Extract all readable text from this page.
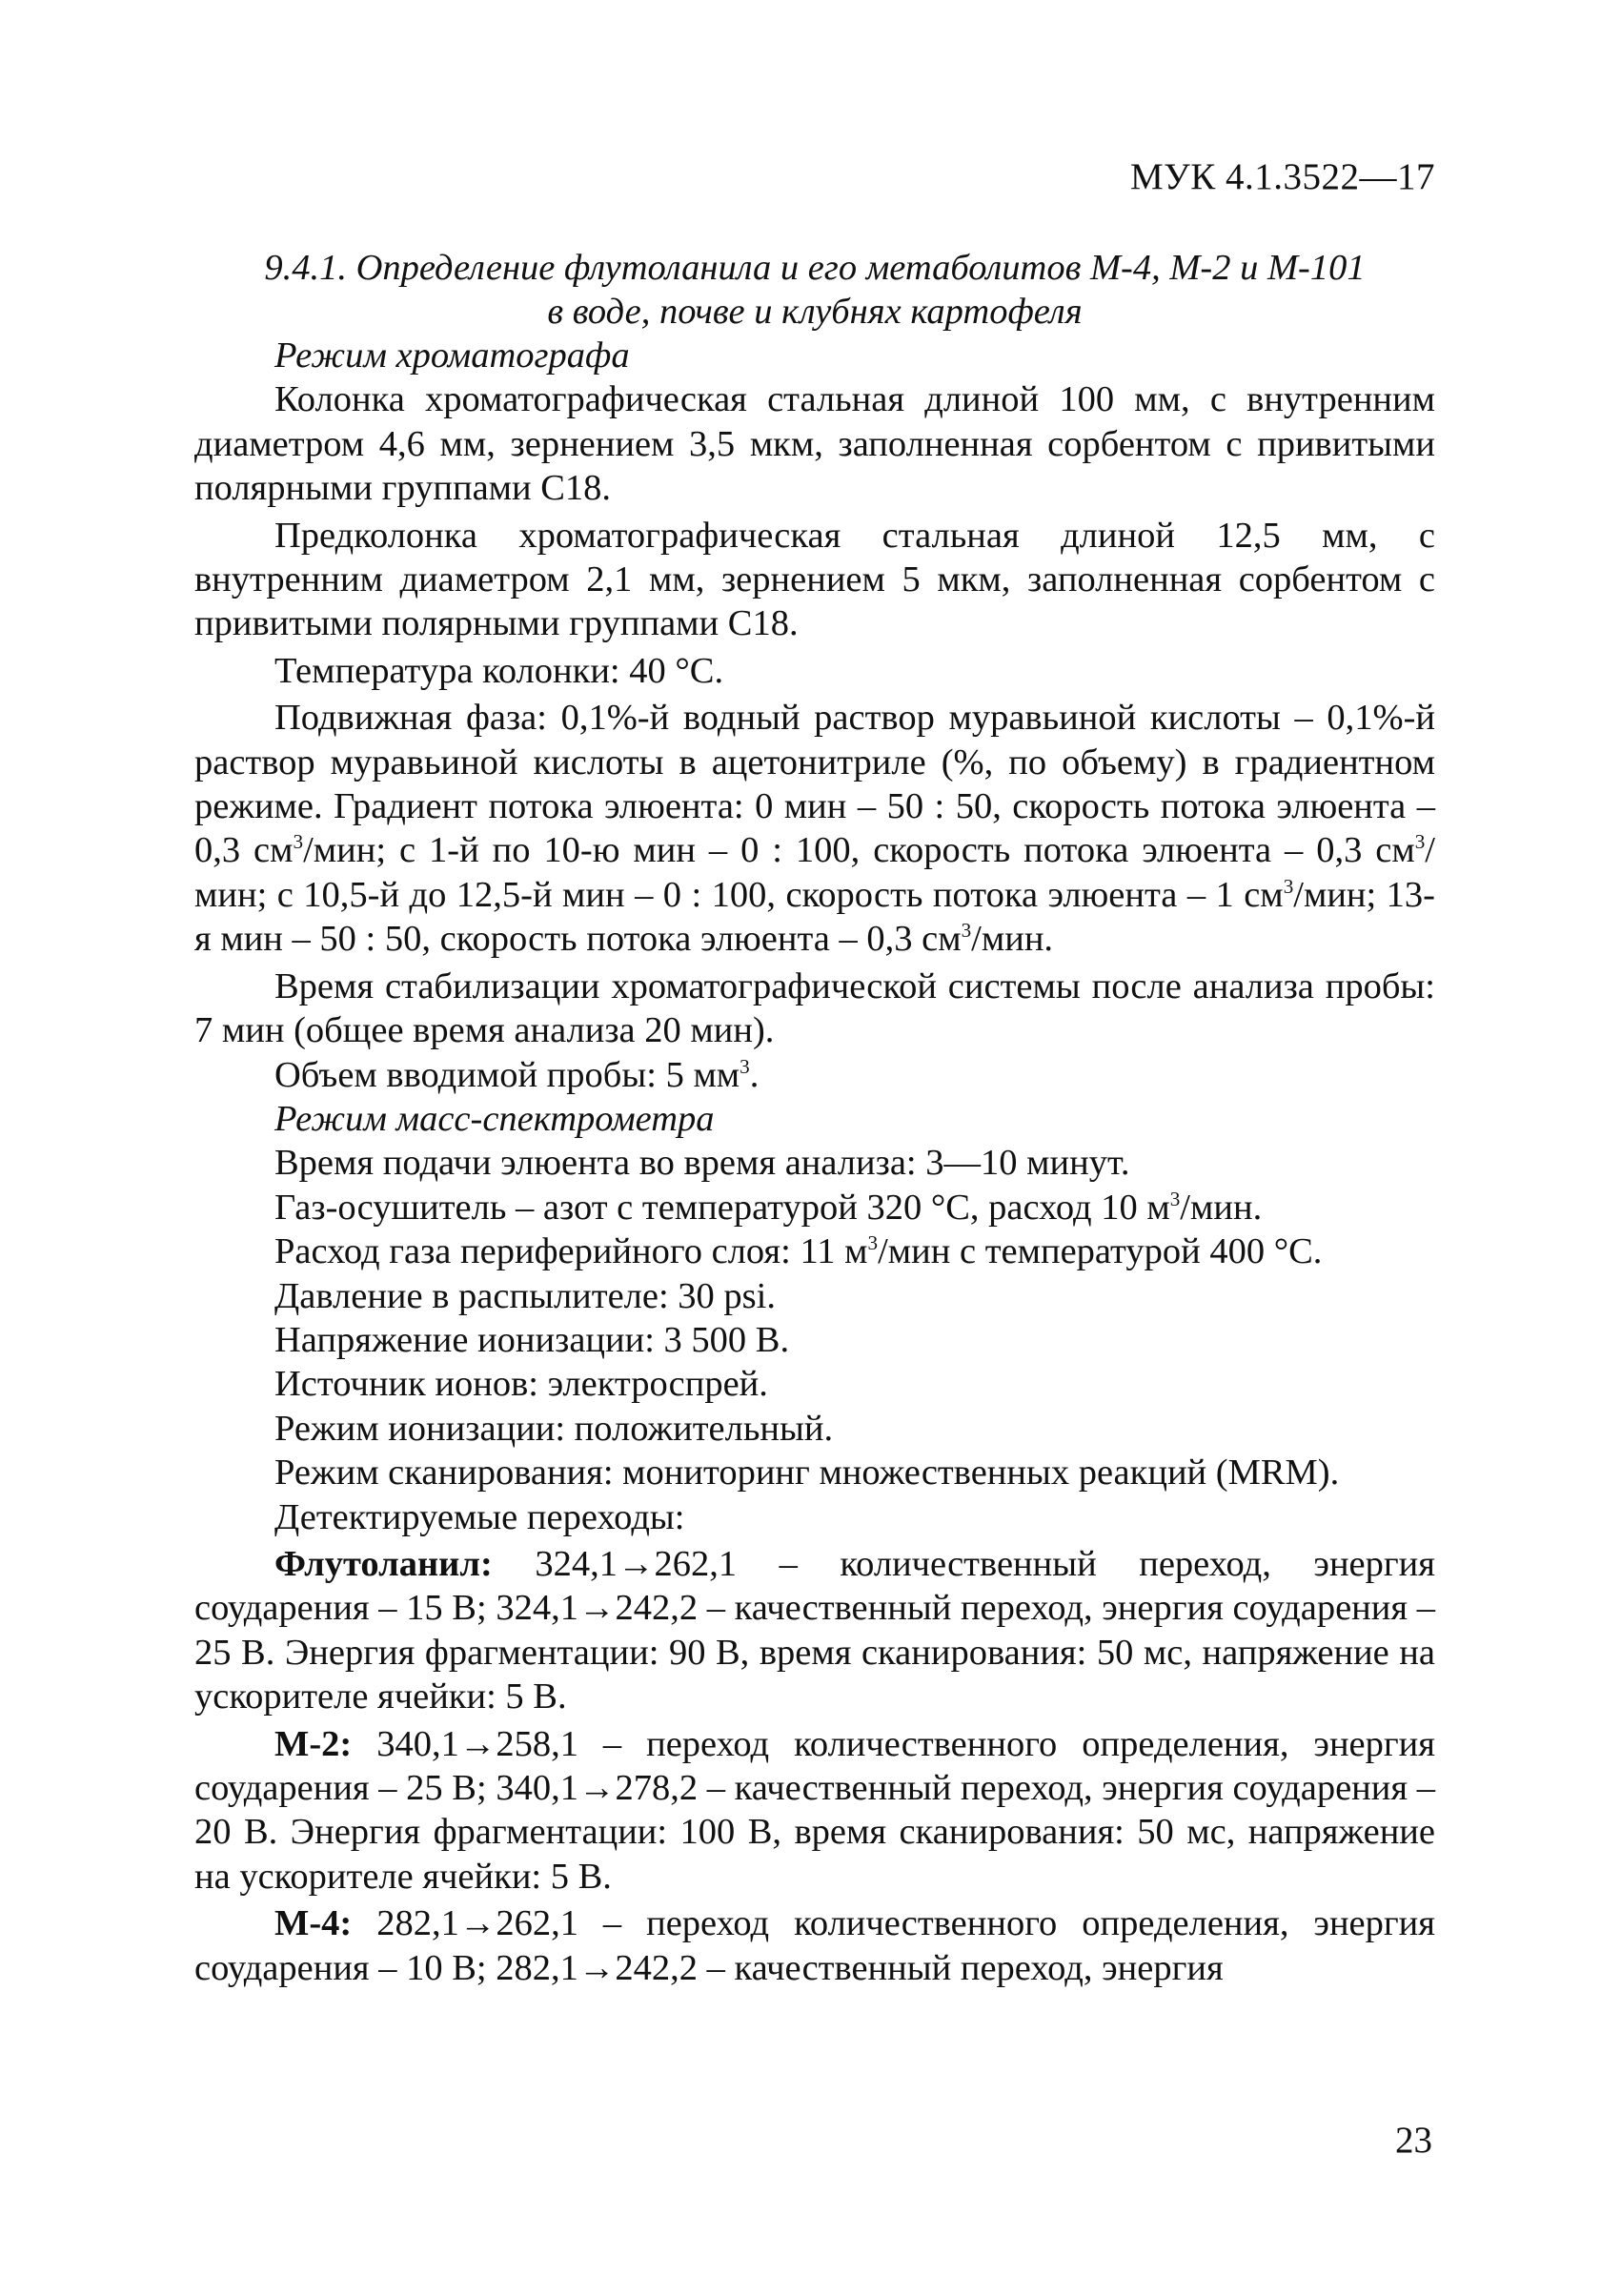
МУК 4.1.3522—17

9.4.1. Определение флутоланила и его метаболитов М-4, М-2 и М-101

в воде, почве и клубнях картофеля

Режим хроматографа

Колонка хроматографическая стальная длиной 100 мм, с внутренним диаметром 4,6 мм, зернением 3,5 мкм, заполненная сорбентом с привитыми полярными группами C18.

Предколонка хроматографическая стальная длиной 12,5 мм, с внутренним диаметром 2,1 мм, зернением 5 мкм, заполненная сорбентом с привитыми полярными группами C18.

Температура колонки: 40 °С.

Подвижная фаза: 0,1%-й водный раствор муравьиной кислоты – 0,1%-й раствор муравьиной кислоты в ацетонитриле (%, по объему) в градиентном режиме. Градиент потока элюента: 0 мин – 50 : 50, скорость потока элюента – 0,3 $см^3$/мин; с 1-й по 10-ю мин – 0 : 100, скорость потока элюента – 0,3 $см^3$/мин; с 10,5-й до 12,5-й мин – 0 : 100, скорость потока элюента – 1 $см^3$/мин; 13-я мин – 50 : 50, скорость потока элюента – 0,3 $см^3$/мин.

Время стабилизации хроматографической системы после анализа пробы: 7 мин (общее время анализа 20 мин).

Объем вводимой пробы: 5 $мм^3$.

Режим масс-спектрометра

Время подачи элюента во время анализа: 3—10 минут.

Газ-осушитель – азот с температурой 320 °С, расход 10 $м^3$/мин.

Расход газа периферийного слоя: 11 $м^3$/мин с температурой 400 °С.

Давление в распылителе: 30 psi.

Напряжение ионизации: 3 500 В.

Источник ионов: электроспрей.

Режим ионизации: положительный.

Режим сканирования: мониторинг множественных реакций (MRM).

Детектируемые переходы:

Флутоланил: 324,1→262,1 – количественный переход, энергия соударения – 15 В; 324,1→242,2 – качественный переход, энергия соударения – 25 В. Энергия фрагментации: 90 В, время сканирования: 50 мс, напряжение на ускорителе ячейки: 5 В.

М-2: 340,1→258,1 – переход количественного определения, энергия соударения – 25 В; 340,1→278,2 – качественный переход, энергия соударения – 20 В. Энергия фрагментации: 100 В, время сканирования: 50 мс, напряжение на ускорителе ячейки: 5 В.

М-4: 282,1→262,1 – переход количественного определения, энергия соударения – 10 В; 282,1→242,2 – качественный переход, энергия

23
